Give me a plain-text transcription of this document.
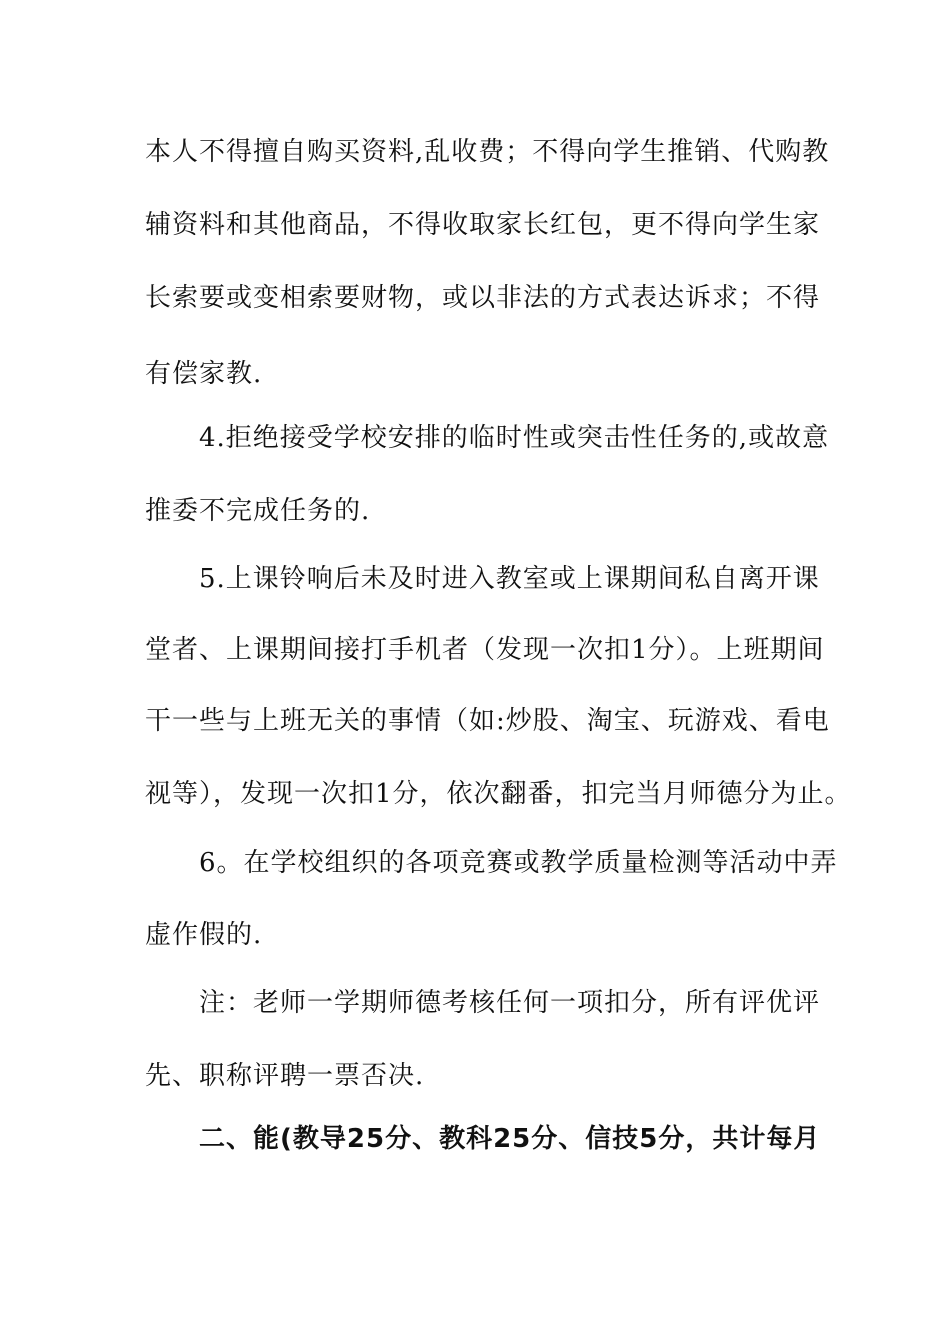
本人不得擅自购买资料,乱收费；不得向学生推销、代购教
辅资料和其他商品，不得收取家长红包，更不得向学生家
长索要或变相索要财物，或以非法的方式表达诉求；不得
有偿家教.
4.拒绝接受学校安排的临时性或突击性任务的,或故意
推委不完成任务的.
5.上课铃响后未及时进入教室或上课期间私自离开课
堂者、上课期间接打手机者（发现一次扣1分）。上班期间
干一些与上班无关的事情（如:炒股、淘宝、玩游戏、看电
视等），发现一次扣1分，依次翻番，扣完当月师德分为止。
6。在学校组织的各项竞赛或教学质量检测等活动中弄
虚作假的.
注：老师一学期师德考核任何一项扣分，所有评优评
先、职称评聘一票否决.
二、能(教导25分、教科25分、信技5分，共计每月
